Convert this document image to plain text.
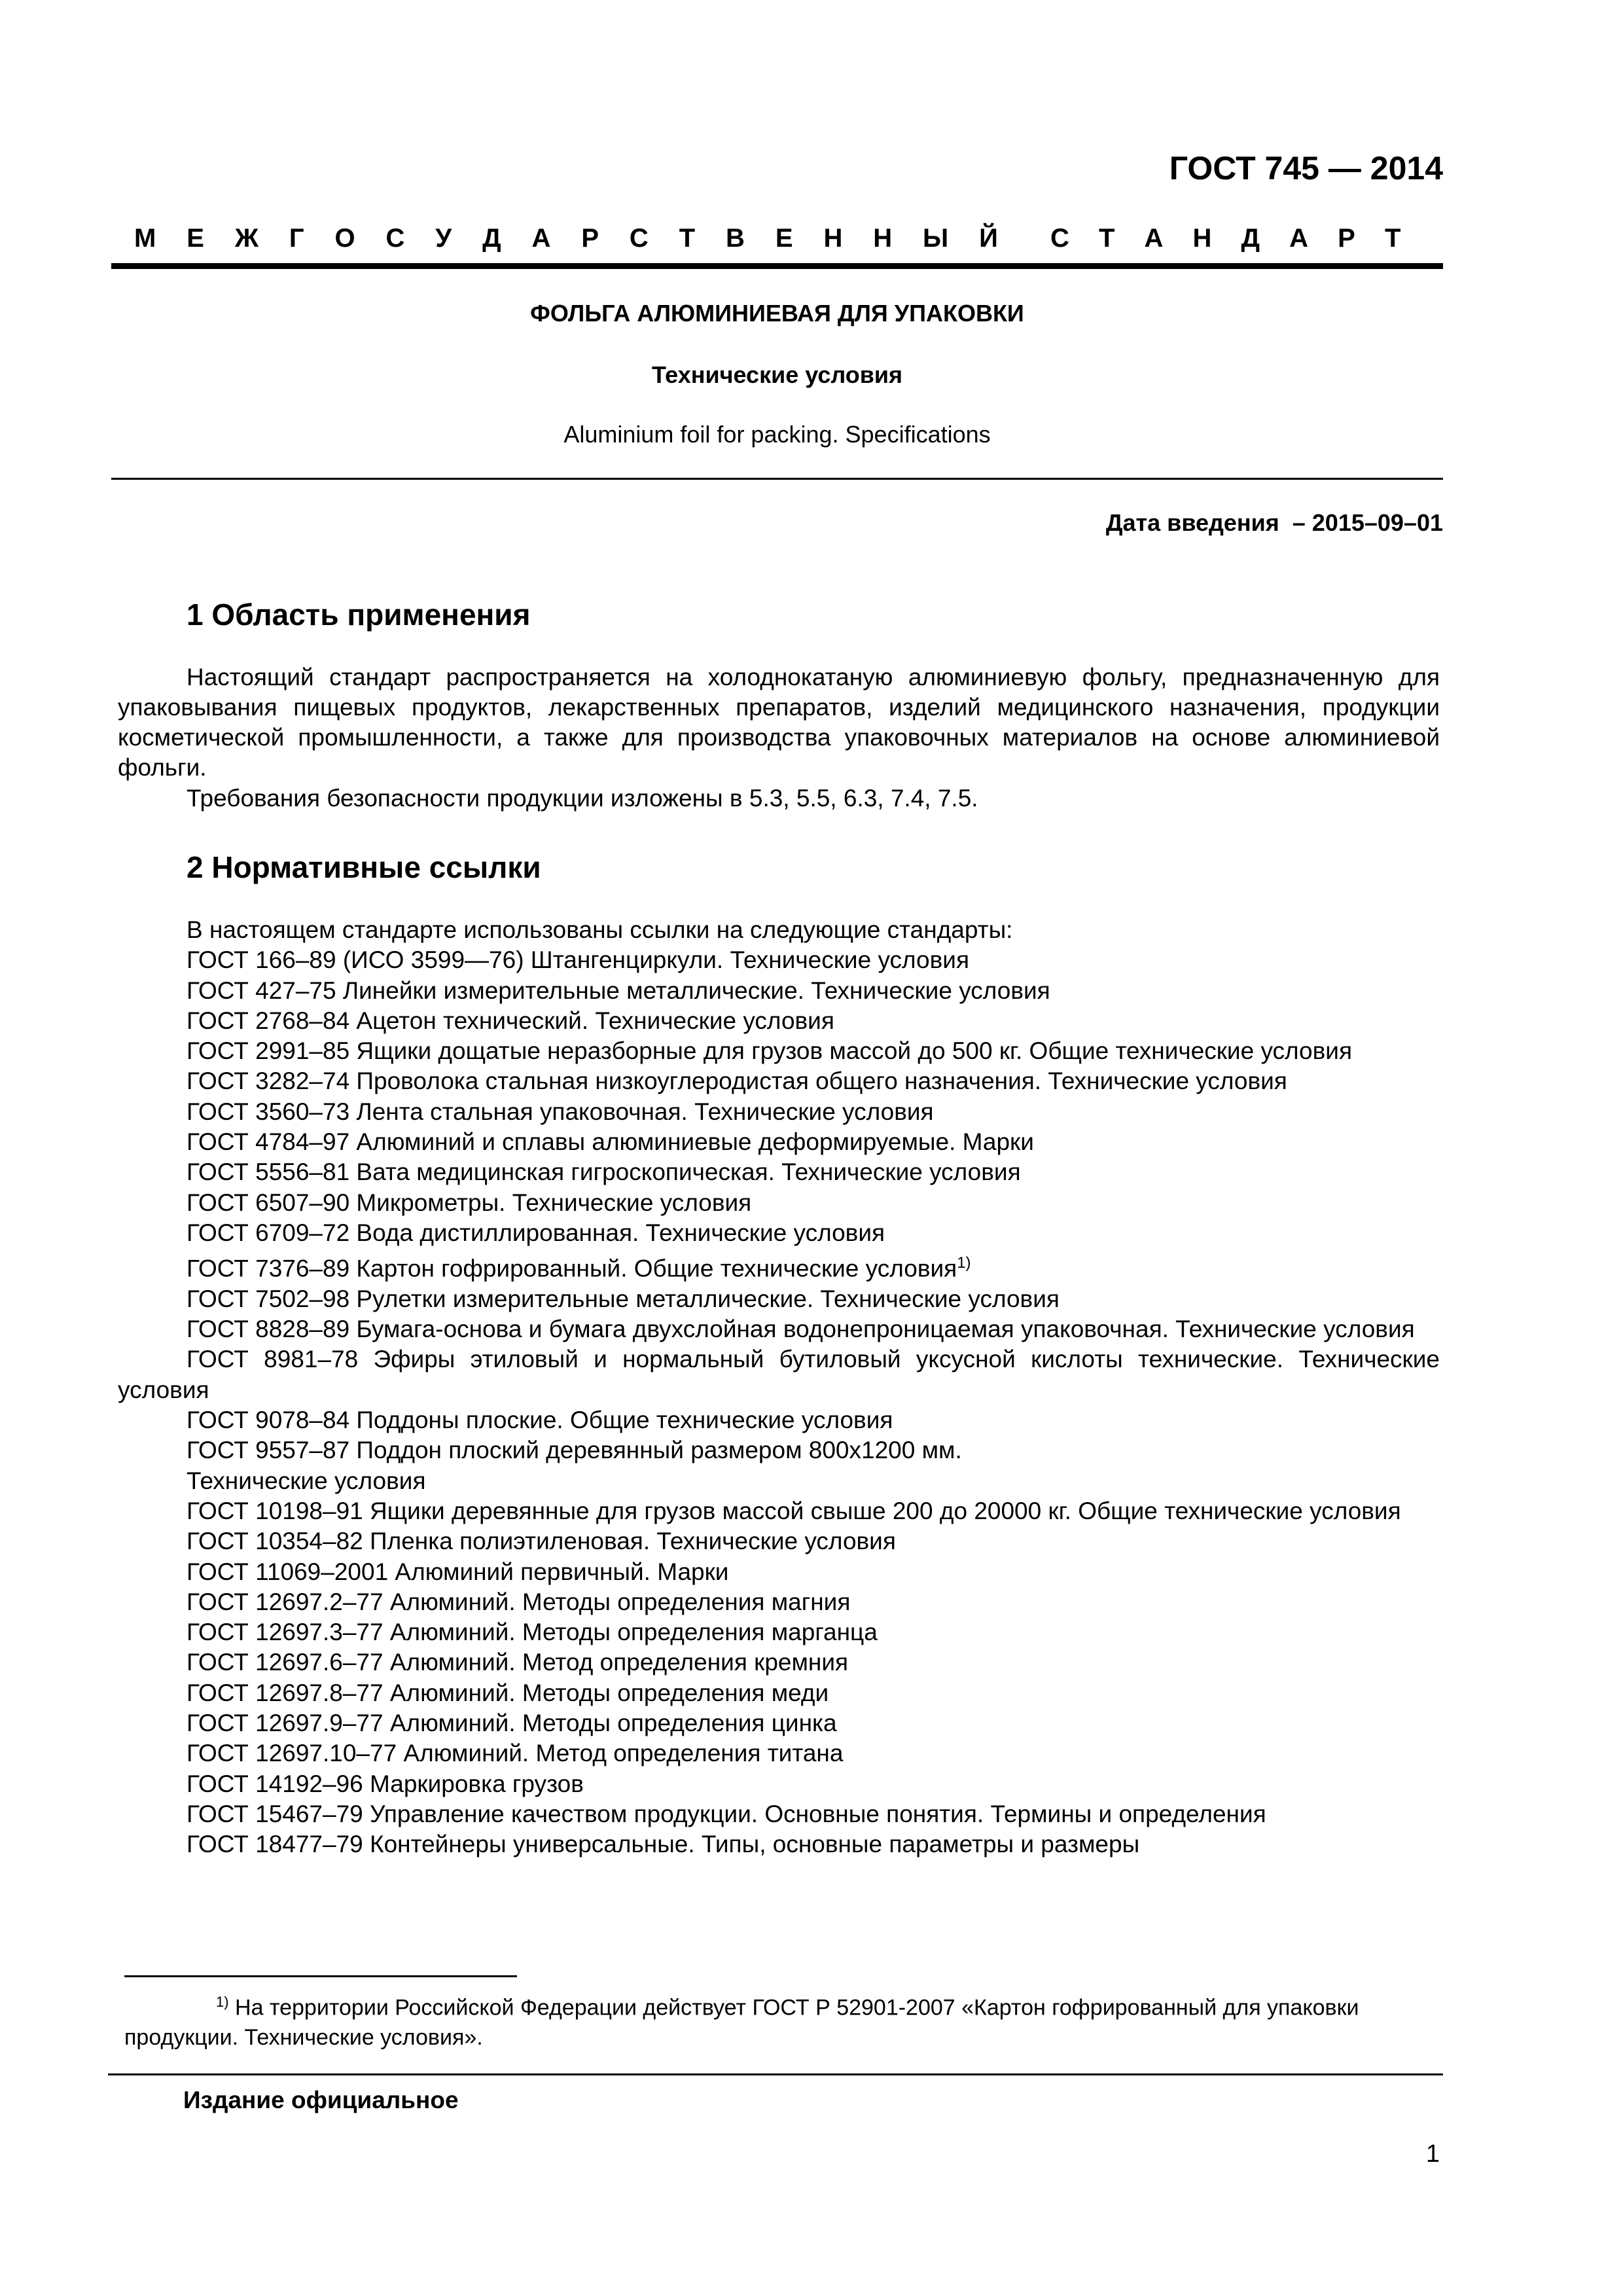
ГОСТ 745 — 2014
М Е Ж Г О С У Д А Р С Т В Е Н Н Ы Й С Т А Н Д А Р Т
ФОЛЬГА АЛЮМИНИЕВАЯ ДЛЯ УПАКОВКИ
Технические условия
Aluminium foil for packing. Specifications
Дата введения  – 2015–09–01
1 Область применения
Настоящий стандарт распространяется на холоднокатаную алюминиевую фольгу, предназначенную для упаковывания пищевых продуктов, лекарственных препаратов, изделий медицинского назначения, продукции косметической промышленности, а также для производства упаковочных материалов на основе алюминиевой фольги.
Требования безопасности продукции изложены в 5.3, 5.5, 6.3, 7.4, 7.5.
2 Нормативные ссылки
В настоящем стандарте использованы ссылки на следующие стандарты:
ГОСТ 166–89 (ИСО 3599—76) Штангенциркули. Технические условия
ГОСТ 427–75 Линейки измерительные металлические. Технические условия
ГОСТ 2768–84 Ацетон технический. Технические условия
ГОСТ 2991–85 Ящики дощатые неразборные для грузов массой до 500 кг. Общие технические условия
ГОСТ 3282–74 Проволока стальная низкоуглеродистая общего назначения. Технические условия
ГОСТ 3560–73 Лента стальная упаковочная. Технические условия
ГОСТ 4784–97 Алюминий и сплавы алюминиевые деформируемые. Марки
ГОСТ 5556–81 Вата медицинская гигроскопическая. Технические условия
ГОСТ 6507–90 Микрометры. Технические условия
ГОСТ 6709–72 Вода дистиллированная. Технические условия
ГОСТ 7376–89 Картон гофрированный. Общие технические условия$^{1)}$
ГОСТ 7502–98 Рулетки измерительные металлические. Технические условия
ГОСТ 8828–89 Бумага-основа и бумага двухслойная водонепроницаемая упаковочная. Технические условия
ГОСТ 8981–78 Эфиры этиловый и нормальный бутиловый уксусной кислоты технические. Технические условия
ГОСТ 9078–84 Поддоны плоские. Общие технические условия
ГОСТ 9557–87 Поддон плоский деревянный размером 800х1200 мм.
Технические условия
ГОСТ 10198–91 Ящики деревянные для грузов массой свыше 200 до 20000 кг. Общие технические условия
ГОСТ 10354–82 Пленка полиэтиленовая. Технические условия
ГОСТ 11069–2001 Алюминий первичный. Марки
ГОСТ 12697.2–77 Алюминий. Методы определения магния
ГОСТ 12697.3–77 Алюминий. Методы определения марганца
ГОСТ 12697.6–77 Алюминий. Метод определения кремния
ГОСТ 12697.8–77 Алюминий. Методы определения меди
ГОСТ 12697.9–77 Алюминий. Методы определения цинка
ГОСТ 12697.10–77 Алюминий. Метод определения титана
ГОСТ 14192–96 Маркировка грузов
ГОСТ 15467–79 Управление качеством продукции. Основные понятия. Термины и определения
ГОСТ 18477–79 Контейнеры универсальные. Типы, основные параметры и размеры
$^{1)}$ На территории Российской Федерации действует ГОСТ Р 52901-2007 «Картон гофрированный для упаковки продукции. Технические условия».
Издание официальное
1
